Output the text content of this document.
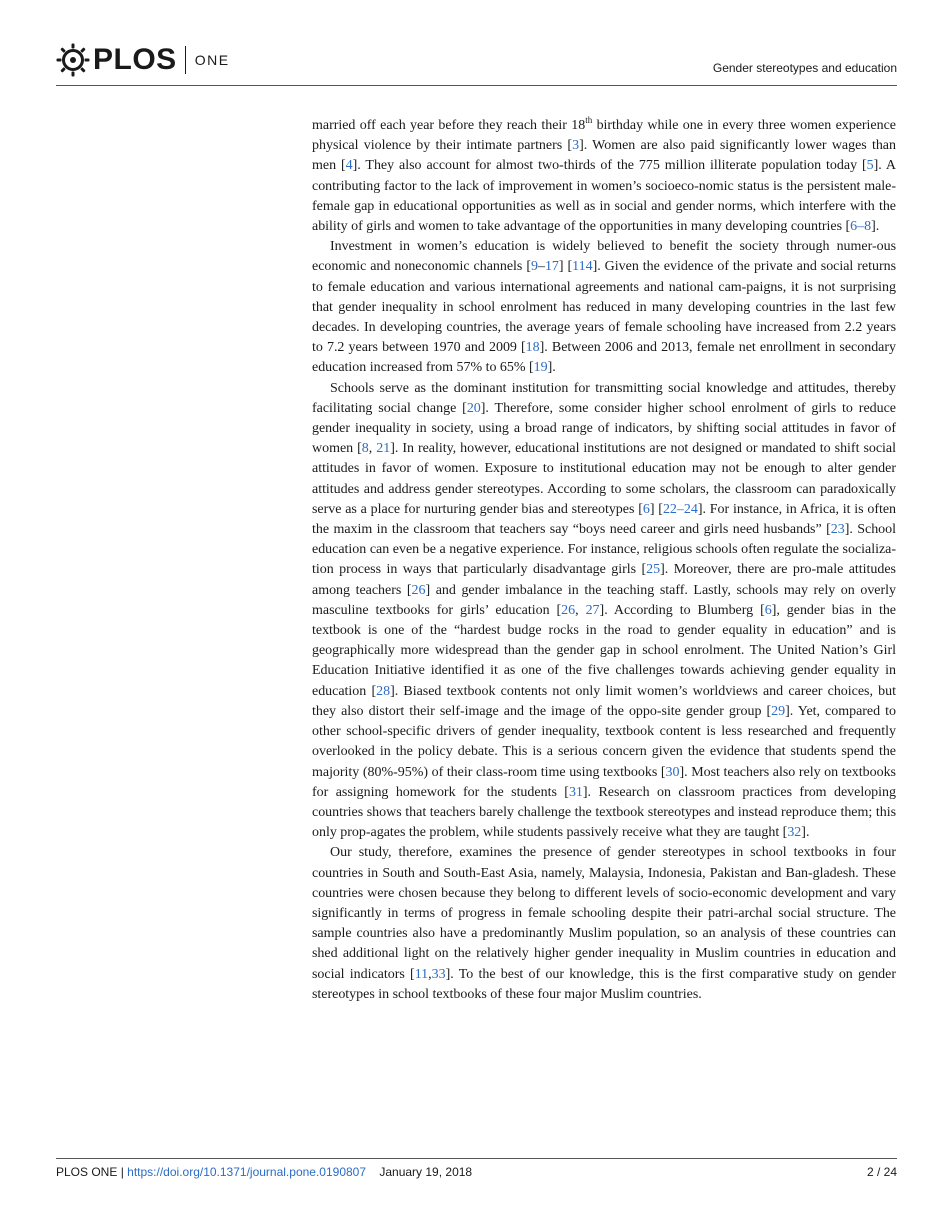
PLOS ONE	Gender stereotypes and education

married off each year before they reach their 18th birthday while one in every three women experience physical violence by their intimate partners [3]. Women are also paid significantly lower wages than men [4]. They also account for almost two-thirds of the 775 million illiterate population today [5]. A contributing factor to the lack of improvement in women’s socioeco-nomic status is the persistent male-female gap in educational opportunities as well as in social and gender norms, which interfere with the ability of girls and women to take advantage of the opportunities in many developing countries [6–8].

Investment in women’s education is widely believed to benefit the society through numer-ous economic and noneconomic channels [9–17] [114]. Given the evidence of the private and social returns to female education and various international agreements and national cam-paigns, it is not surprising that gender inequality in school enrolment has reduced in many developing countries in the last few decades. In developing countries, the average years of female schooling have increased from 2.2 years to 7.2 years between 1970 and 2009 [18]. Between 2006 and 2013, female net enrollment in secondary education increased from 57% to 65% [19].

Schools serve as the dominant institution for transmitting social knowledge and attitudes, thereby facilitating social change [20]. Therefore, some consider higher school enrolment of girls to reduce gender inequality in society, using a broad range of indicators, by shifting social attitudes in favor of women [8, 21]. In reality, however, educational institutions are not designed or mandated to shift social attitudes in favor of women. Exposure to institutional education may not be enough to alter gender attitudes and address gender stereotypes. According to some scholars, the classroom can paradoxically serve as a place for nurturing gender bias and stereotypes [6] [22–24]. For instance, in Africa, it is often the maxim in the classroom that teachers say “boys need career and girls need husbands” [23]. School education can even be a negative experience. For instance, religious schools often regulate the socializa-tion process in ways that particularly disadvantage girls [25]. Moreover, there are pro-male attitudes among teachers [26] and gender imbalance in the teaching staff. Lastly, schools may rely on overly masculine textbooks for girls’ education [26, 27]. According to Blumberg [6], gender bias in the textbook is one of the “hardest budge rocks in the road to gender equality in education” and is geographically more widespread than the gender gap in school enrolment. The United Nation’s Girl Education Initiative identified it as one of the five challenges towards achieving gender equality in education [28]. Biased textbook contents not only limit women’s worldviews and career choices, but they also distort their self-image and the image of the oppo-site gender group [29]. Yet, compared to other school-specific drivers of gender inequality, textbook content is less researched and frequently overlooked in the policy debate. This is a serious concern given the evidence that students spend the majority (80%-95%) of their class-room time using textbooks [30]. Most teachers also rely on textbooks for assigning homework for the students [31]. Research on classroom practices from developing countries shows that teachers barely challenge the textbook stereotypes and instead reproduce them; this only prop-agates the problem, while students passively receive what they are taught [32].

Our study, therefore, examines the presence of gender stereotypes in school textbooks in four countries in South and South-East Asia, namely, Malaysia, Indonesia, Pakistan and Ban-gladesh. These countries were chosen because they belong to different levels of socio-economic development and vary significantly in terms of progress in female schooling despite their patri-archal social structure. The sample countries also have a predominantly Muslim population, so an analysis of these countries can shed additional light on the relatively higher gender inequality in Muslim countries in education and social indicators [11,33]. To the best of our knowledge, this is the first comparative study on gender stereotypes in school textbooks of these four major Muslim countries.

PLOS ONE | https://doi.org/10.1371/journal.pone.0190807 January 19, 2018	2 / 24
